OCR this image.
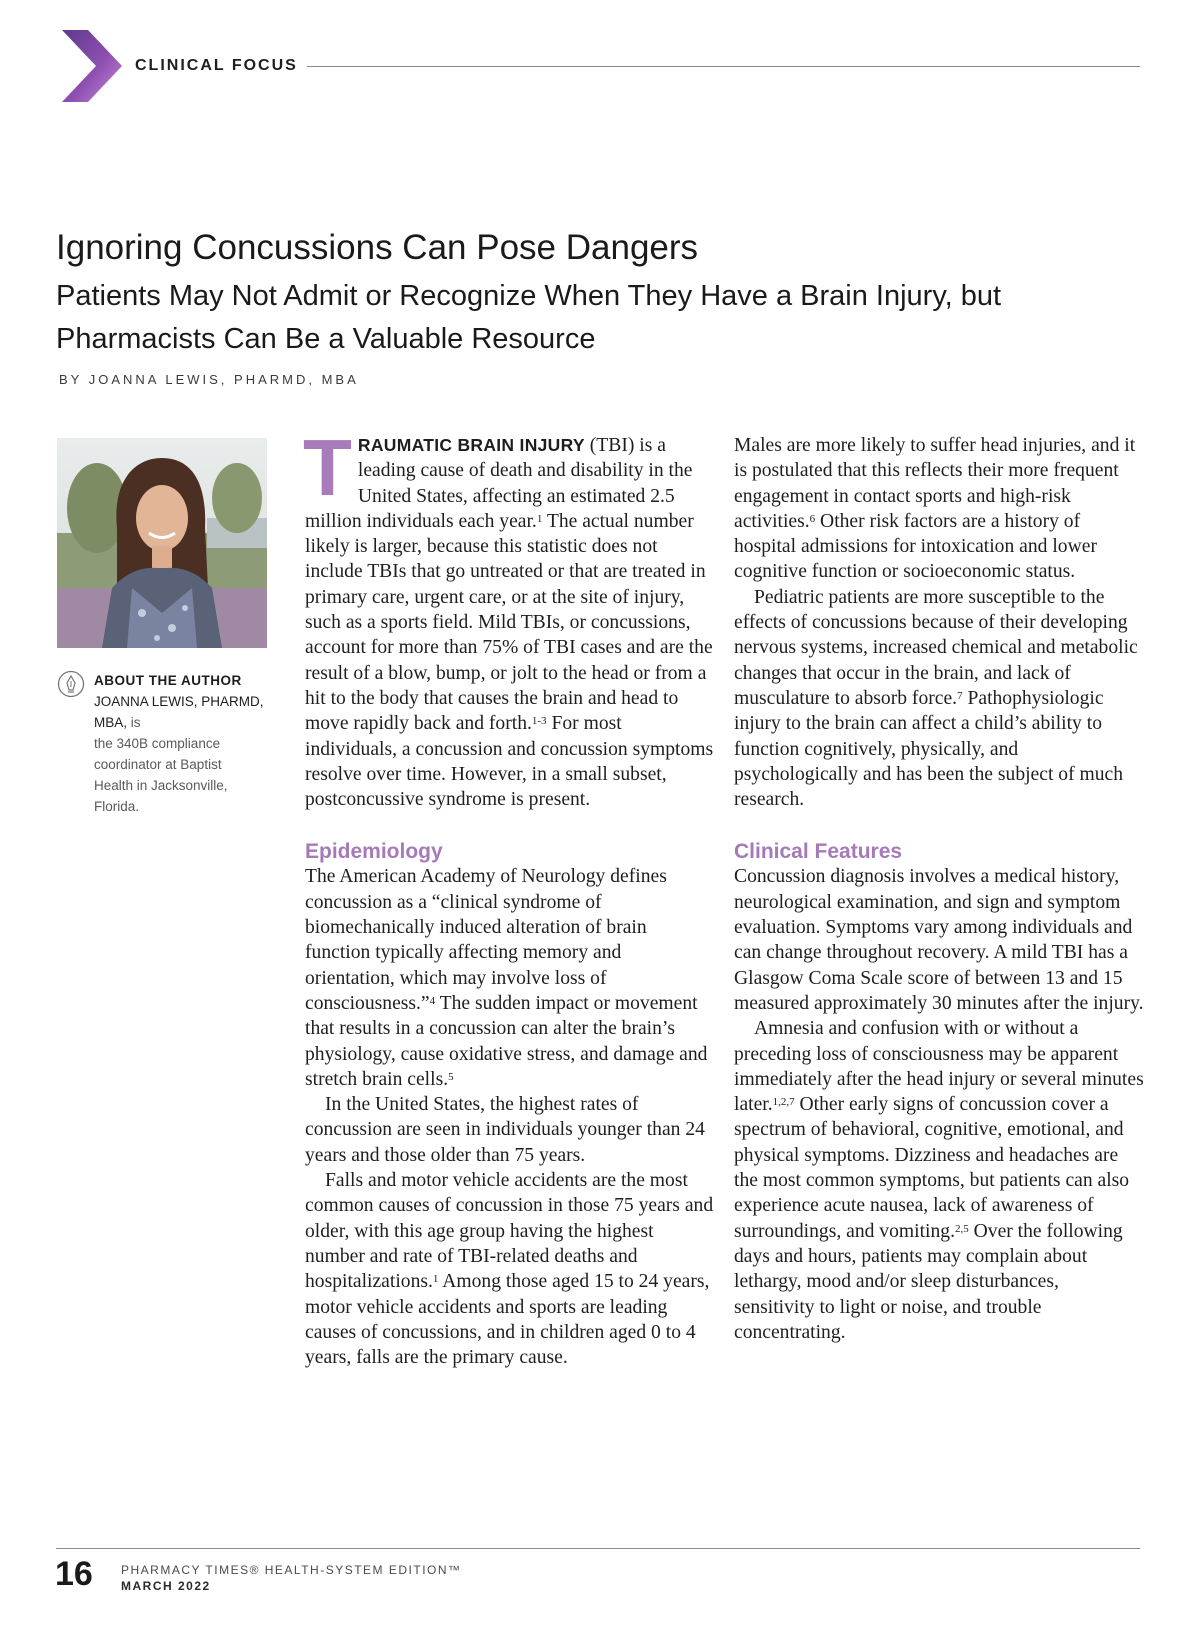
CLINICAL FOCUS
Ignoring Concussions Can Pose Dangers
Patients May Not Admit or Recognize When They Have a Brain Injury, but Pharmacists Can Be a Valuable Resource
BY JOANNA LEWIS, PHARMD, MBA
ABOUT THE AUTHOR
JOANNA LEWIS, PHARMD, MBA, is
the 340B compliance coordinator at Baptist Health in Jacksonville, Florida.

TRAUMATIC BRAIN INJURY (TBI) is a leading cause of death and disability in the United States, affecting an estimated 2.5 million individuals each year.$^1$ The actual number likely is larger, because this statistic does not include TBIs that go untreated or that are treated in primary care, urgent care, or at the site of injury, such as a sports field. Mild TBIs, or concussions, account for more than 75% of TBI cases and are the result of a blow, bump, or jolt to the head or from a hit to the body that causes the brain and head to move rapidly back and forth.$^{1-3}$ For most individuals, a concussion and concussion symptoms resolve over time. However, in a small subset, postconcussive syndrome is present.

Epidemiology

The American Academy of Neurology defines concussion as a “clinical syndrome of biomechanically induced alteration of brain function typically affecting memory and orientation, which may involve loss of consciousness.”$^4$ The sudden impact or movement that results in a concussion can alter the brain’s physiology, cause oxidative stress, and damage and stretch brain cells.$^5$

In the United States, the highest rates of concussion are seen in individuals younger than 24 years and those older than 75 years.

Falls and motor vehicle accidents are the most common causes of concussion in those 75 years and older, with this age group having the highest number and rate of TBI-related deaths and hospitalizations.$^1$ Among those aged 15 to 24 years, motor vehicle accidents and sports are leading causes of concussions, and in children aged 0 to 4 years, falls are the primary cause.

Males are more likely to suffer head injuries, and it is postulated that this reflects their more frequent engagement in contact sports and high-risk activities.$^6$ Other risk factors are a history of hospital admissions for intoxication and lower cognitive function or socioeconomic status.

Pediatric patients are more susceptible to the effects of concussions because of their developing nervous systems, increased chemical and metabolic changes that occur in the brain, and lack of musculature to absorb force.$^7$ Pathophysiologic injury to the brain can affect a child’s ability to function cognitively, physically, and psychologically and has been the subject of much research.

Clinical Features

Concussion diagnosis involves a medical history, neurological examination, and sign and symptom evaluation. Symptoms vary among individuals and can change throughout recovery. A mild TBI has a Glasgow Coma Scale score of between 13 and 15 measured approximately 30 minutes after the injury.

Amnesia and confusion with or without a preceding loss of consciousness may be apparent immediately after the head injury or several minutes later.$^{1,2,7}$ Other early signs of concussion cover a spectrum of behavioral, cognitive, emotional, and physical symptoms. Dizziness and headaches are the most common symptoms, but patients can also experience acute nausea, lack of awareness of surroundings, and vomiting.$^{2,5}$ Over the following days and hours, patients may complain about lethargy, mood and/or sleep disturbances, sensitivity to light or noise, and trouble concentrating.

16 PHARMACY TIMES® HEALTH-SYSTEM EDITION™
MARCH 2022
